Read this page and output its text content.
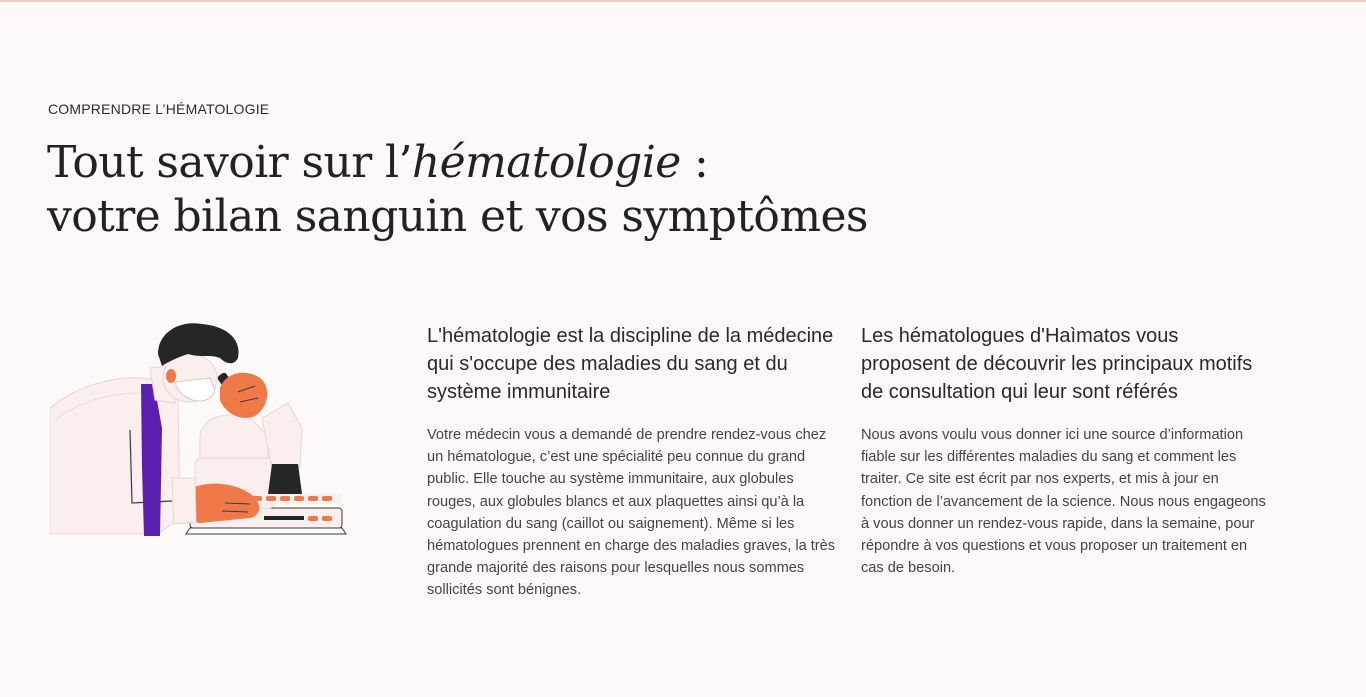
COMPRENDRE L’HÉMATOLOGIE
Tout savoir sur l’hématologie :
votre bilan sanguin et vos symptômes
L'hématologie est la discipline de la médecine qui s'occupe des maladies du sang et du système immunitaire

Votre médecin vous a demandé de prendre rendez-vous chez un hématologue, c’est une spécialité peu connue du grand public. Elle touche au système immunitaire, aux globules rouges, aux globules blancs et aux plaquettes ainsi qu’à la coagulation du sang (caillot ou saignement). Même si les hématologues prennent en charge des maladies graves, la très grande majorité des raisons pour lesquelles nous sommes sollicités sont bénignes.

Les hématologues d'Haìmatos vous proposent de découvrir les principaux motifs de consultation qui leur sont référés

Nous avons voulu vous donner ici une source d’information fiable sur les différentes maladies du sang et comment les traiter. Ce site est écrit par nos experts, et mis à jour en fonction de l’avancement de la science. Nous nous engageons à vous donner un rendez-vous rapide, dans la semaine, pour répondre à vos questions et vous proposer un traitement en cas de besoin.
